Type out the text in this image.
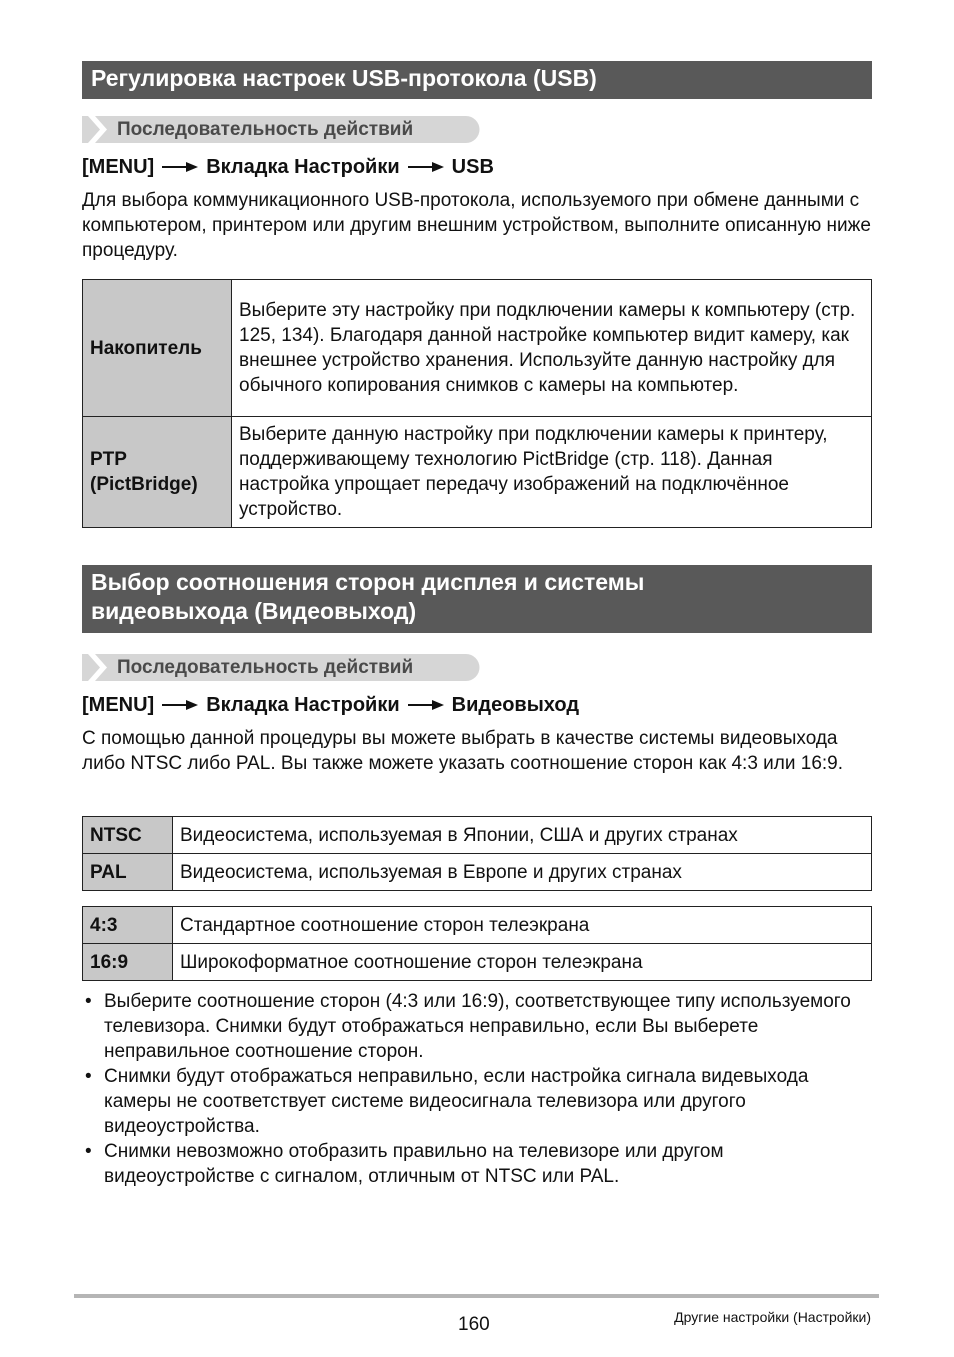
Регулировка настроек USB-протокола (USB)
Последовательность действий
[MENU]	Вкладка Настройки	USB

Для выбора коммуникационного USB-протокола, используемого при обмене данными с компьютером, принтером или другим внешним устройством, выполните описанную ниже процедуру.

Накопитель	Выберите эту настройку при подключении камеры к компьютеру (стр. 125, 134). Благодаря данной настройке компьютер видит камеру, как внешнее устройство хранения. Используйте данную настройку для обычного копирования снимков с камеры на компьютер.
PTP
(PictBridge)	Выберите данную настройку при подключении камеры к принтеру, поддерживающему технологию PictBridge (стр. 118). Данная настройка упрощает передачу изображений на подключённое устройство.
Выбор соотношения сторон дисплея и системы
видеовыхода (Видеовыход)
Последовательность действий
[MENU]	Вкладка Настройки	Видеовыход

С помощью данной процедуры вы можете выбрать в качестве системы видеовыхода либо NTSC либо PAL. Вы также можете указать соотношение сторон как 4:3 или 16:9.

NTSC	Видеосистема, используемая в Японии, США и других странах
PAL	Видеосистема, используемая в Европе и других странах
4:3	Стандартное соотношение сторон телеэкрана
16:9	Широкоформатное соотношение сторон телеэкрана
• Выберите соотношение сторон (4:3 или 16:9), соответствующее типу используемого телевизора. Снимки будут отображаться неправильно, если Вы выберете неправильное соотношение сторон.
• Снимки будут отображаться неправильно, если настройка сигнала видевыхода камеры не соответствует системе видеосигнала телевизора или другого видеоустройства.
• Снимки невозможно отобразить правильно на телевизоре или другом видеоустройстве с сигналом, отличным от NTSC или PAL.
160	Другие настройки (Настройки)
